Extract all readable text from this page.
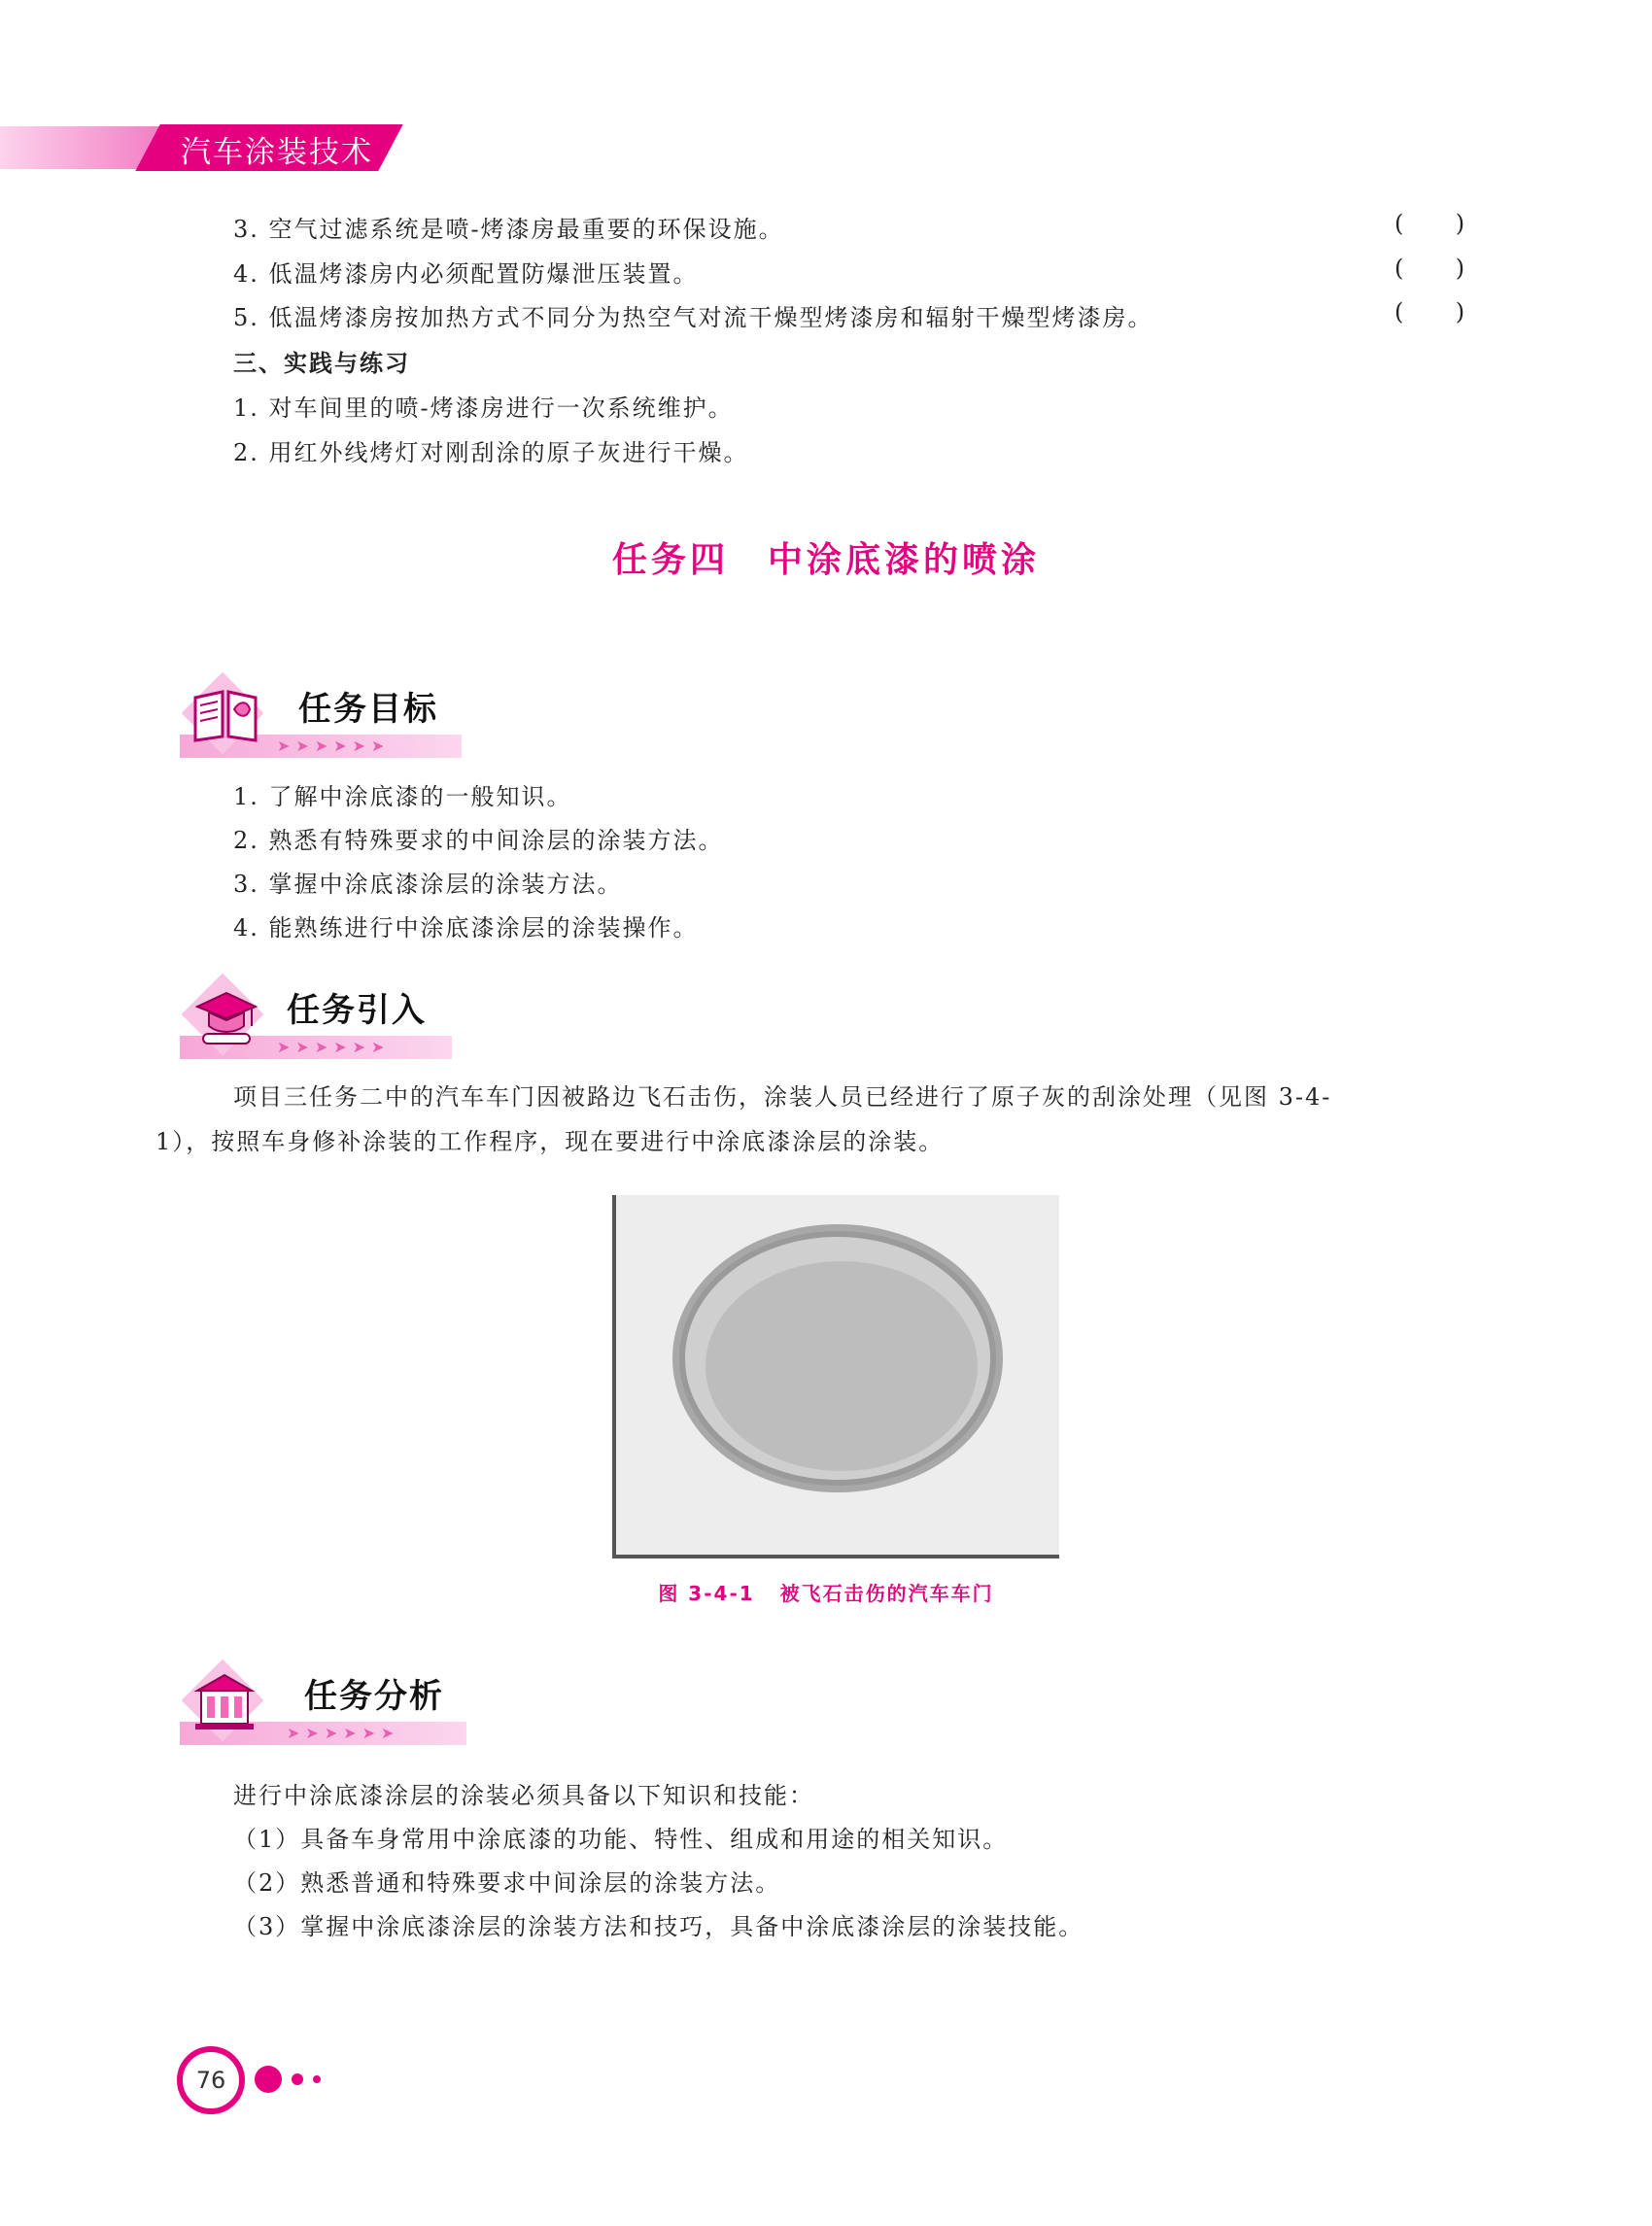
汽车涂装技术
3. 空气过滤系统是喷-烤漆房最重要的环保设施。	(       )
4. 低温烤漆房内必须配置防爆泄压装置。	(       )
5. 低温烤漆房按加热方式不同分为热空气对流干燥型烤漆房和辐射干燥型烤漆房。	(       )
三、实践与练习
1. 对车间里的喷-烤漆房进行一次系统维护。
2. 用红外线烤灯对刚刮涂的原子灰进行干燥。
任务四 中涂底漆的喷涂
➤➤➤➤➤➤
任务目标
1. 了解中涂底漆的一般知识。
2. 熟悉有特殊要求的中间涂层的涂装方法。
3. 掌握中涂底漆涂层的涂装方法。
4. 能熟练进行中涂底漆涂层的涂装操作。
➤➤➤➤➤➤
任务引入
项目三任务二中的汽车车门因被路边飞石击伤，涂装人员已经进行了原子灰的刮涂处理（见图 3-4-
1），按照车身修补涂装的工作程序，现在要进行中涂底漆涂层的涂装。
图 3-4-1 被飞石击伤的汽车车门
➤➤➤➤➤➤
任务分析
进行中涂底漆涂层的涂装必须具备以下知识和技能：
（1）具备车身常用中涂底漆的功能、特性、组成和用途的相关知识。
（2）熟悉普通和特殊要求中间涂层的涂装方法。
（3）掌握中涂底漆涂层的涂装方法和技巧，具备中涂底漆涂层的涂装技能。
76
